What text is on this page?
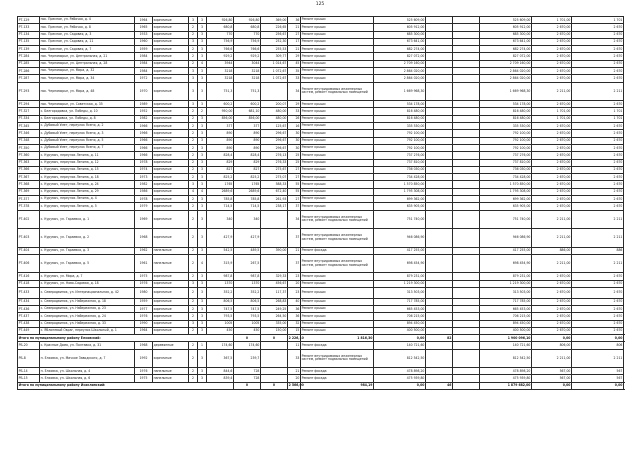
125
РТ-129	пос. Пресное, ул. Рабочая, д. 4	1964	кирпичные	3	3	926,80	926,80	369,00	36	Ремонт крыши	525 609,00			525 609,00	1 701,00	1 701	
РТ-133	пос. Пресное, ул. Рабочая, д. 8	1965	кирпичные	2	3	680,8	680,8	226,65	21	Ремонт крыши	605 912,00			605 912,00	2 670,00	2 670	
РТ-134	пос. Пресное, ул. Садовая, д. 3	1933	кирпичные	2	3	770	770	256,67	27	Ремонт крыши	685 300,00			685 300,00	2 670,00	2 670	
РТ-135	пос. Пресное, ул. Садовая, д. 11	1960	кирпичные	3	3	756,9	756,9	252,30	17	Ремонт крыши	673 641,00			673 641,00	2 670,00	2 670	
РТ-139	пос. Пресное, ул. Садовая, д. 7	1959	кирпичные	2	3	766,6	766,6	255,53	21	Ремонт крыши	682 274,00			682 274,00	2 670,00	2 670	
РТ-284	пос. Черноморье, ул. Центральная, д. 21	1984	кирпичные	2	3	929,2	929,2	309,77	29	Ремонт крыши	827 072,00			827 072,00	2 670,00	2 670	
РТ-285	пос. Черноморье, ул. Центральная, д. 28	1984	кирпичные	2	4	3944	3044	1 014,67	45	Ремонт крыши	2 709 160,00			2 709 160,00	2 670,00	2 670	
РТ-286	пос. Черноморье, ул. Мира, д. 32	1984	кирпичные	3	3	3218	3218	1 072,67	35	Ремонт крыши	2 864 020,00			2 864 020,00	2 670,00	2 670	
РТ-287	пос. Черноморье, ул. Мира, д. 34	1972	кирпичные	3	3	3218	3218	1 072,67	33	Ремонт крыши	2 864 020,00			2 864 020,00	2 670,00	2 670	
РТ-293	пос. Черноморье, ул. Мира, д. 48	1970	кирпичные	3	3	751,3	751,3		34	Ремонт внутридомовых инженерных систем, ремонт подвальных помещений	1 669 968,30			1 669 968,30	2 211,00	2 211	
РТ-294	пос. Черноморье, ул. Советская, д. 35	1989	кирпичные	3	3	600,2	600,2	200,07	29	Ремонт крыши	534 178,00			534 178,00	2 670,00	2 670	
РТ-327	с. Белгородовка, ул. Победы, д. 10	1952	кирпичные	2	2	950,00	681,10	480,00	33	Ремонт крыши	816 480,00			816 480,00	1 701,00	1 701	
РТ-334	с. Белгородовка, ул. Победы, д. 8	1982	кирпичные	2	3	856,00	856,00	480,00	26	Ремонт крыши	816 480,00			816 480,00	1 701,00	1 701	
РТ-345	с. Дубовый Умет, переулок Ясеня, д. 2	1966	кирпичные	2	3	377	377	125,67	16	Ремонт крыши	335 530,00			335 530,00	2 670,00	2 670	
РТ-346	с. Дубовый Умет, переулок Ясеня, д. 3	1966	кирпичные	2	3	890	890	296,67	30	Ремонт крыши	792 100,00			792 100,00	2 670,00	2 670	
РТ-348	с. Дубовый Умет, переулок Ясеня, д. 5	1966	кирпичные	2	3	890	890	296,67	30	Ремонт крыши	792 100,00			792 100,00	2 670,00	2 670	
РТ-350	с. Дубовый Умет, переулок Ясеня, д. 7	1966	кирпичные	2	3	890	890	296,67	30	Ремонт крыши	792 100,00			792 100,00	2 670,00	2 670	
РТ-360	с. Курумоч, переулок Ленина, д. 11	1966	кирпичные	2	3	828,4	828,4	276,13	25	Ремонт крыши	737 276,00			737 276,00	2 670,00	2 670	
РТ-363	с. Курумоч, переулок Ленина, д. 12	1978	кирпичные	2	3	829	829	276,33	25	Ремонт крыши	737 810,00			737 810,00	2 670,00	2 670	
РТ-366	с. Курумоч, переулок Ленина, д. 15	1974	кирпичные	2	3	827	827	275,67	27	Ремонт крыши	736 030,00			736 030,00	2 670,00	2 670	
РТ-367	с. Курумоч, переулок Ленина, д. 18	1973	кирпичные	2	3	825,2	825,2	275,07	27	Ремонт крыши	734 428,00			734 428,00	2 670,00	2 670	
РТ-368	с. Курумоч, переулок Ленина, д. 24	1982	кирпичные	3	3	1765	1765	588,33	55	Ремонт крыши	1 570 850,00			1 570 850,00	2 670,00	2 670	
РТ-369	с. Курумоч, переулок Ленина, д. 29	1986	кирпичные	4	4	2689,6	2689,6	672,40	55	Ремонт крыши	1 795 308,00			1 795 308,00	2 670,00	2 670	
РТ-377	с. Курумоч, переулок Ленина, д. 4	1978	кирпичные	2	3	785,8	785,8	261,93	27	Ремонт крыши	699 362,00			699 362,00	2 670,00	2 670	
РТ-378	с. Курумоч, переулок Ленина, д. 5	1979	кирпичные	2	3	714,5	714,5	238,17	37	Ремонт крыши	635 905,00			635 905,00	2 670,00	2 670	
РТ-402	с. Курумоч, ул. Гараевка, д. 1	1969	кирпичные	2	3	340	340		34	Ремонт внутридомовых инженерных систем, ремонт подвальных помещений	751 740,00			751 740,00	2 211,00	2 211	
РТ-403	с. Курумоч, ул. Гараевка, д. 2	1968	кирпичные	2	3	427,9	427,9		37	Ремонт внутридомовых инженерных систем, ремонт подвальных помещений	946 086,90			946 086,90	2 211,00	2 211	
РТ-404	с. Курумоч, ул. Гараевка, д. 3	1962	панельные	2	3	542,5	489,5	390,00	21	Ремонт фасада	417 255,00			417 255,00	886,00	886	
РТ-406	с. Курумоч, ул. Гараевка, д. 5	1961	панельные	2	4	315,9	267,5		37	Ремонт внутридомовых инженерных систем, ремонт подвальных помещений	698 454,90			698 454,90	2 211,00	2 211	
РТ-416	с. Курумоч, ул. Мира, д. 7	1975	кирпичные	2	3	987,8	987,8	329,33	23	Ремонт крыши	879 231,00			879 231,00	2 670,00	2 670	
РТ-418	с. Курумоч, ул. Ново-Садовая, д. 18	1976	кирпичные	3	3	1370	1370	456,67	20	Ремонт крыши	1 219 300,00			1 219 300,00	2 670,00	2 670	
РТ-433	с. Северодвинок, ул. Интернациональная, д. 42	1980	кирпичные	2	3	352,2	352,2	117,37	23	Ремонт крыши	313 503,00			313 503,00	2 670,00	2 670	
РТ-434	с. Северодвинок, ул. Набережная, д. 18	1959	кирпичные	2	3	806,5	806,5	268,83	40	Ремонт крыши	717 785,00			717 785,00	2 670,00	2 670	
РТ-436	с. Северодвинок, ул. Набережная, д. 23	1977	кирпичные	2	3	747,5	747,5	249,25	36	Ремонт крыши	665 453,00			665 453,00	2 670,00	2 670	
РТ-437	с. Северодвинок, ул. Набережная, д. 24	1976	кирпичные	2	3	793,5	793,5	264,50	36	Ремонт крыши	706 215,00			706 215,00	2 670,00	2 670	
РТ-438	с. Северодвинок, ул. Набережная, д. 33	1990	кирпичные	3	3	1005	1005	335,00	32	Ремонт крыши	894 450,00			894 450,00	2 670,00	2 670	
РТ-449	с. Яблоневый Овраг, переулок Школьный, д. 1	1964	кирпичные	2	3	450	450	150,00	15	Ремонт крыши	400 500,00			400 500,00	2 670,00	2 670	
Итого по муниципальному району Елховский:							0	0	2 226,10	1 816,30	0,00	82		1 900 096,10	0,00	0,00		
РБ-20	с. Красные Дома, ул. Полтавка, д. 31	1968	деревянные	2	1	174,60	174,60		11	Ремонт фасада	140 721,60			140 721,60	806,00	806	
РБ-8	п. Елховка, ул. Мичкое Заводского, д. 7	1992	кирпичные	2	3	367,5	239,7		33	Ремонт внутридомовых инженерных систем, ремонт подвальных помещений	812 542,50			812 542,50	2 211,00	2 211	
РБ-14	п. Елховка, ул. Школьная, д. 4	1976	панельные	2	3	844,6	728		21	Ремонт фасада	478 898,20			478 898,20	567,00	567	
РБ-15	п. Елховка, ул. Школьная, д. 6	1975	панельные	2	3	839,4	728		20	Ремонт фасада	475 939,80			475 939,80	567,00	567	
Итого по муниципальному району Исаклинский:							0	0	2 566,00	984,19	0,00	46		1 879 682,00	0,00	0,00		
